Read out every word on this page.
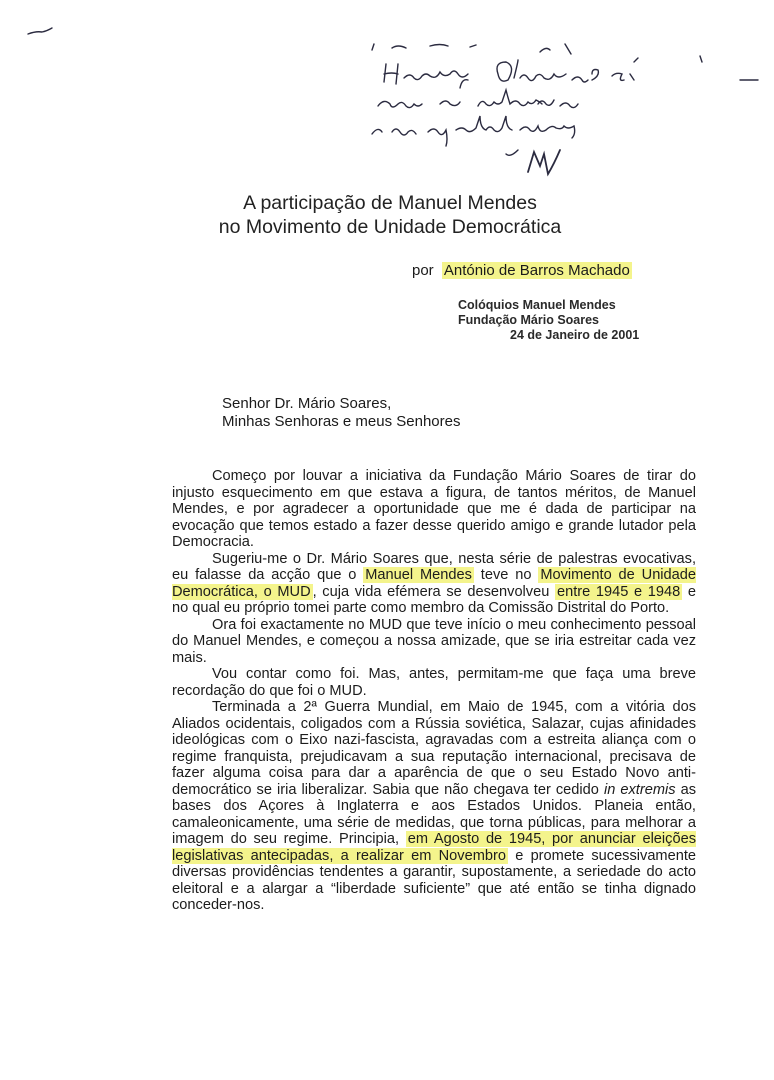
A participação de Manuel Mendes
no Movimento de Unidade Democrática
por António de Barros Machado
Colóquios Manuel Mendes
Fundação Mário Soares
24 de Janeiro de 2001
Senhor Dr. Mário Soares,
Minhas Senhoras e meus Senhores

Começo por louvar a iniciativa da Fundação Mário Soares de tirar do injusto esquecimento em que estava a figura, de tantos méritos, de Manuel Mendes, e por agradecer a oportunidade que me é dada de participar na evocação que temos estado a fazer desse querido amigo e grande lutador pela Democracia.

Sugeriu-me o Dr. Mário Soares que, nesta série de palestras evocativas, eu falasse da acção que o Manuel Mendes teve no Movimento de Unidade Democrática, o MUD , cuja vida efémera se desenvolveu entre 1945 e 1948 e no qual eu próprio tomei parte como membro da Comissão Distrital do Porto.

Ora foi exactamente no MUD que teve início o meu conhecimento pessoal do Manuel Mendes, e começou a nossa amizade, que se iria estreitar cada vez mais.

Vou contar como foi. Mas, antes, permitam-me que faça uma breve recordação do que foi o MUD.

Terminada a 2ª Guerra Mundial, em Maio de 1945, com a vitória dos Aliados ocidentais, coligados com a Rússia soviética, Salazar, cujas afinidades ideológicas com o Eixo nazi-fascista, agravadas com a estreita aliança com o regime franquista, prejudicavam a sua reputação internacional, precisava de fazer alguma coisa para dar a aparência de que o seu Estado Novo anti-democrático se iria liberalizar. Sabia que não chegava ter cedido in extremis as bases dos Açores à Inglaterra e aos Estados Unidos. Planeia então, camaleonicamente, uma série de medidas, que torna públicas, para melhorar a imagem do seu regime. Principia, em Agosto de 1945, por anunciar eleições legislativas antecipadas, a realizar em Novembro e promete sucessivamente diversas providências tendentes a garantir, supostamente, a seriedade do acto eleitoral e a alargar a “liberdade suficiente” que até então se tinha dignado conceder-nos.
